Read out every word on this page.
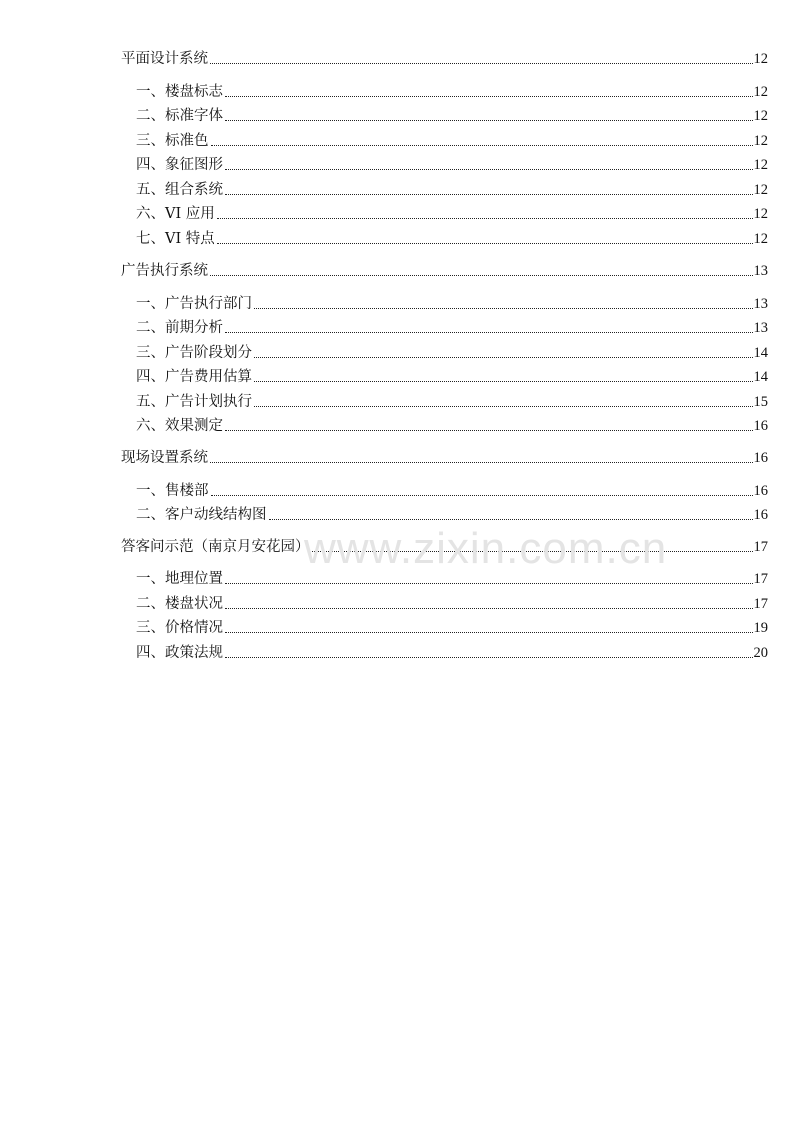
平面设计系统	12
一、楼盘标志	12
二、标准字体	12
三、标准色	12
四、象征图形	12
五、组合系统	12
六、VI 应用	12
七、VI 特点	12
广告执行系统	13
一、广告执行部门	13
二、前期分析	13
三、广告阶段划分	14
四、广告费用估算	14
五、广告计划执行	15
六、效果测定	16
现场设置系统	16
一、售楼部	16
二、客户动线结构图	16
答客问示范（南京月安花园）	17
一、地理位置	17
二、楼盘状况	17
三、价格情况	19
四、政策法规	20
www.zixin.com.cn
